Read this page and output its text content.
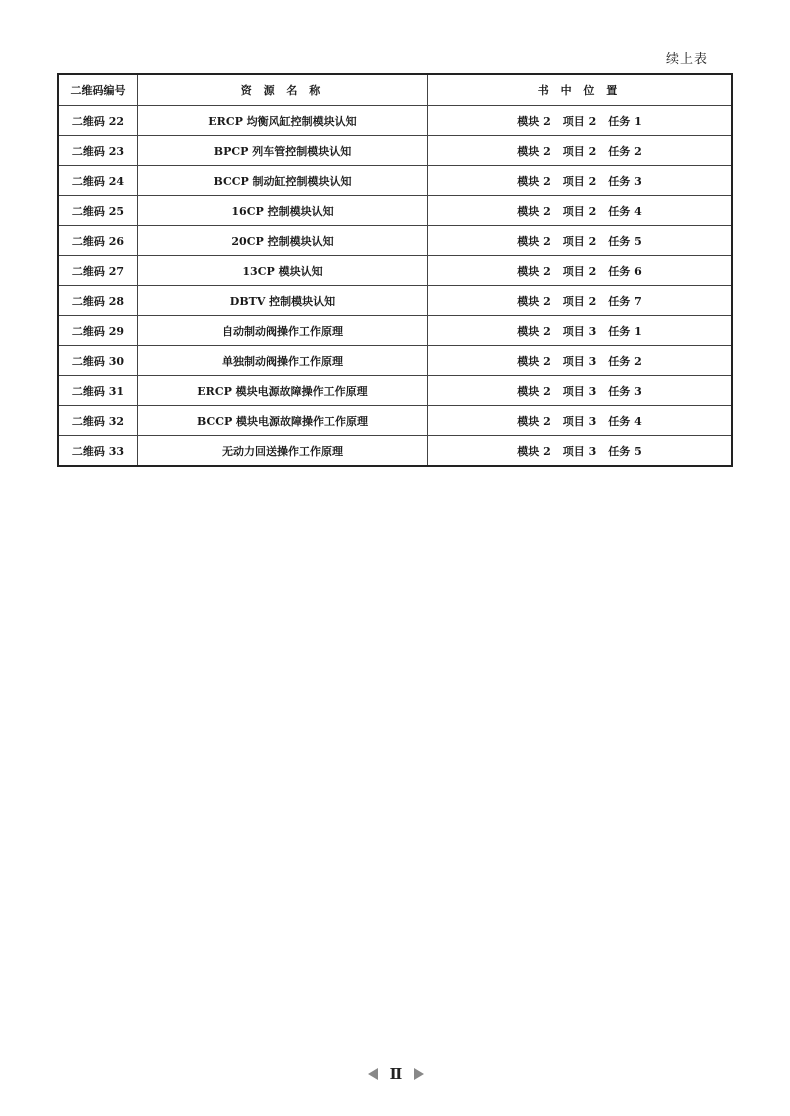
续上表
二维码编号	资 源 名 称	书 中 位 置
二维码 22	ERCP 均衡风缸控制模块认知	模块 2 项目 2 任务 1
二维码 23	BPCP 列车管控制模块认知	模块 2 项目 2 任务 2
二维码 24	BCCP 制动缸控制模块认知	模块 2 项目 2 任务 3
二维码 25	16CP 控制模块认知	模块 2 项目 2 任务 4
二维码 26	20CP 控制模块认知	模块 2 项目 2 任务 5
二维码 27	13CP 模块认知	模块 2 项目 2 任务 6
二维码 28	DBTV 控制模块认知	模块 2 项目 2 任务 7
二维码 29	自动制动阀操作工作原理	模块 2 项目 3 任务 1
二维码 30	单独制动阀操作工作原理	模块 2 项目 3 任务 2
二维码 31	ERCP 模块电源故障操作工作原理	模块 2 项目 3 任务 3
二维码 32	BCCP 模块电源故障操作工作原理	模块 2 项目 3 任务 4
二维码 33	无动力回送操作工作原理	模块 2 项目 3 任务 5
Ⅱ
